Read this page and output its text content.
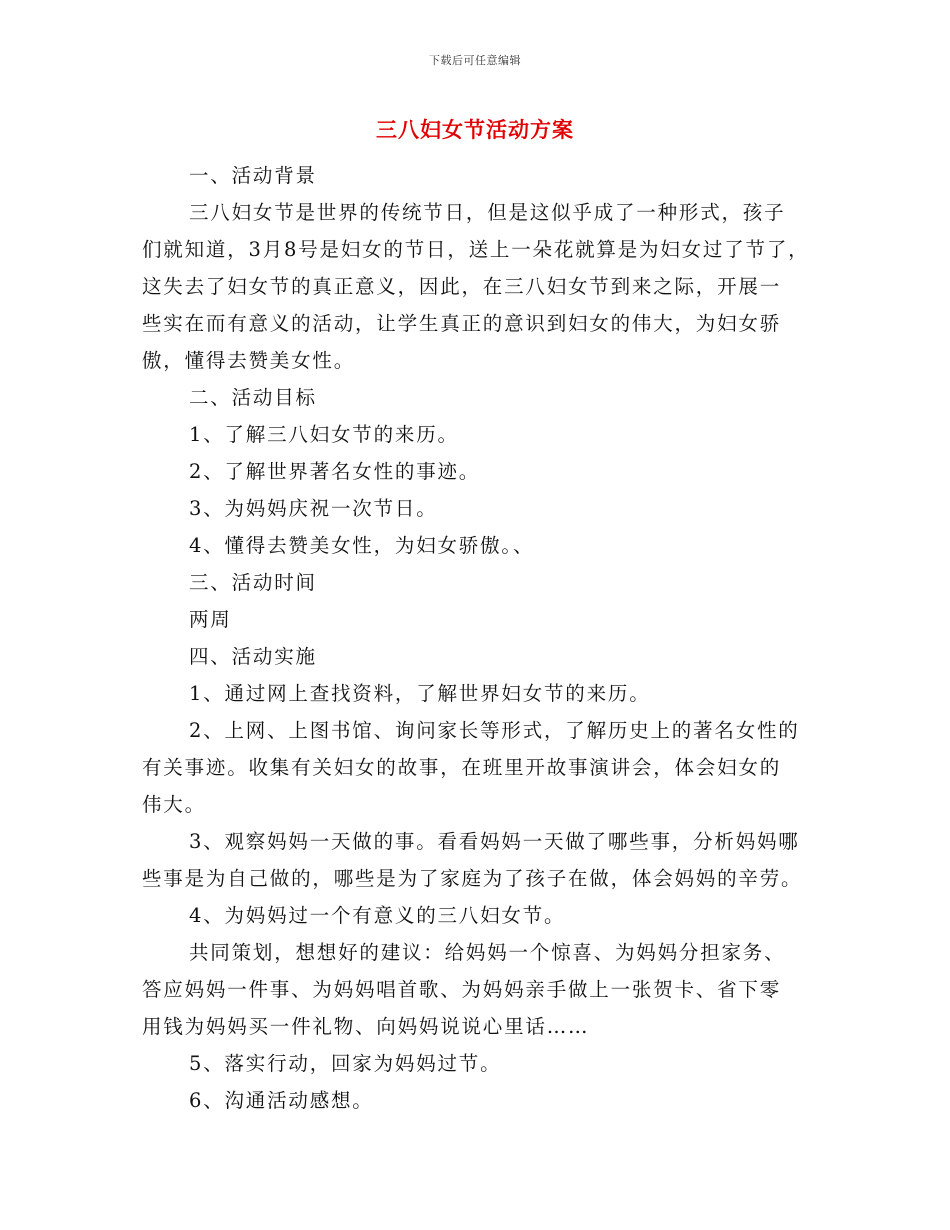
下载后可任意编辑
三八妇女节活动方案
一、活动背景
三八妇女节是世界的传统节日，但是这似乎成了一种形式，孩子
们就知道，3月8号是妇女的节日，送上一朵花就算是为妇女过了节了，
这失去了妇女节的真正意义，因此，在三八妇女节到来之际，开展一
些实在而有意义的活动，让学生真正的意识到妇女的伟大，为妇女骄
傲，懂得去赞美女性。
二、活动目标
1、了解三八妇女节的来历。
2、了解世界著名女性的事迹。
3、为妈妈庆祝一次节日。
4、懂得去赞美女性，为妇女骄傲。、
三、活动时间
两周
四、活动实施
1、通过网上查找资料，了解世界妇女节的来历。
2、上网、上图书馆、询问家长等形式，了解历史上的著名女性的
有关事迹。收集有关妇女的故事，在班里开故事演讲会，体会妇女的
伟大。
3、观察妈妈一天做的事。看看妈妈一天做了哪些事，分析妈妈哪
些事是为自己做的，哪些是为了家庭为了孩子在做，体会妈妈的辛劳。
4、为妈妈过一个有意义的三八妇女节。
共同策划，想想好的建议：给妈妈一个惊喜、为妈妈分担家务、
答应妈妈一件事、为妈妈唱首歌、为妈妈亲手做上一张贺卡、省下零
用钱为妈妈买一件礼物、向妈妈说说心里话……
5、落实行动，回家为妈妈过节。
6、沟通活动感想。
